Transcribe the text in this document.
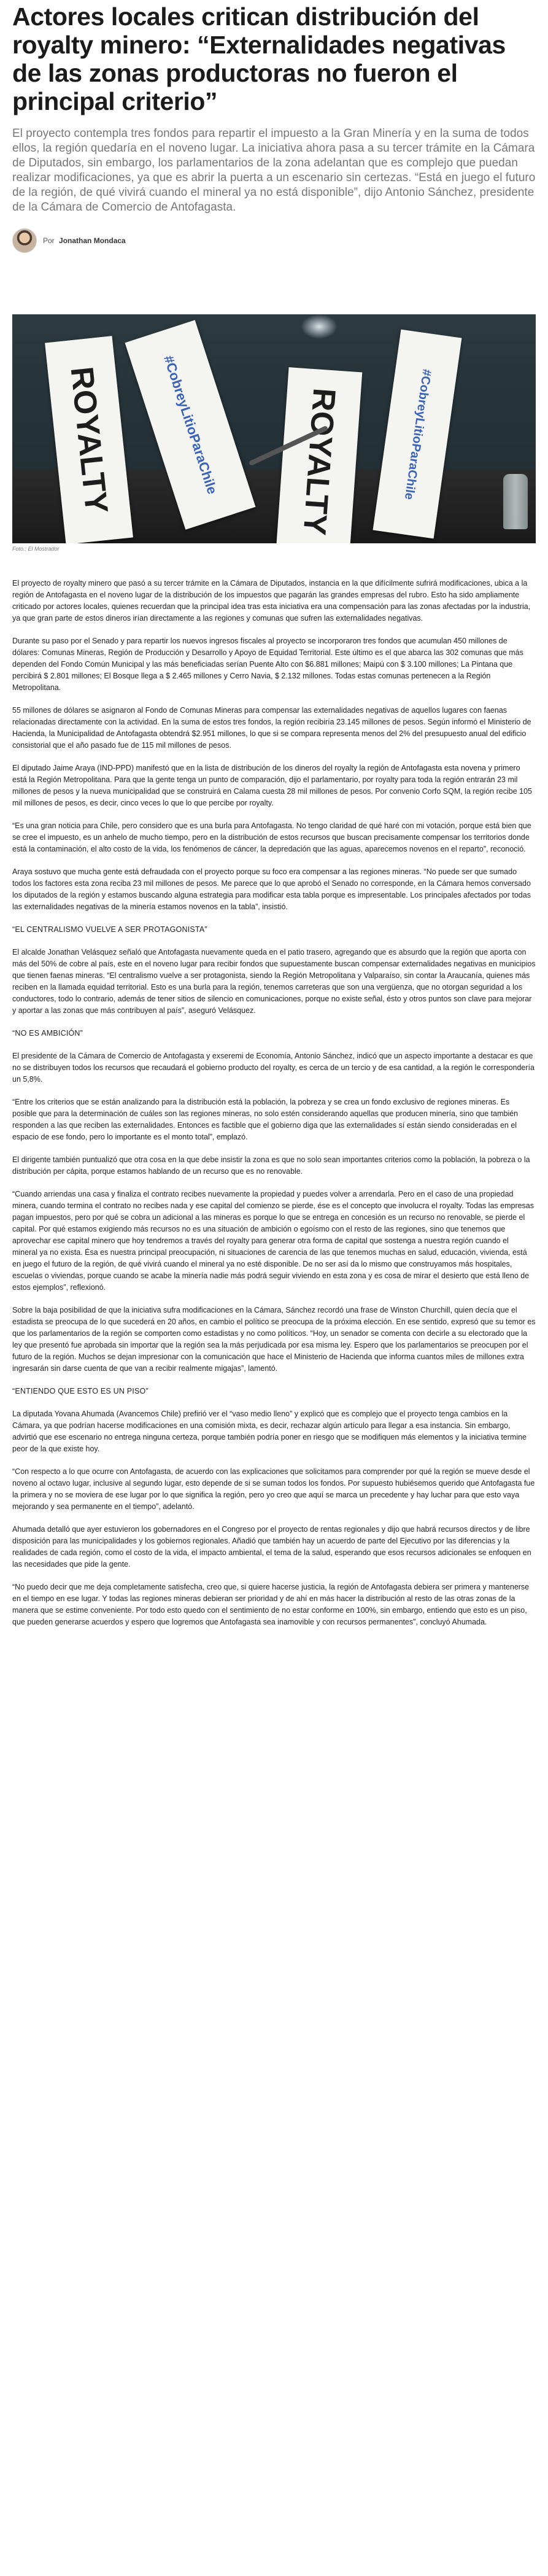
Actores locales critican distribución del royalty minero: “Externalidades negativas de las zonas productoras no fueron el principal criterio”

El proyecto contempla tres fondos para repartir el impuesto a la Gran Minería y en la suma de todos ellos, la región quedaría en el noveno lugar. La iniciativa ahora pasa a su tercer trámite en la Cámara de Diputados, sin embargo, los parlamentarios de la zona adelantan que es complejo que puedan realizar modificaciones, ya que es abrir la puerta a un escenario sin certezas. “Está en juego el futuro de la región, de qué vivirá cuando el mineral ya no está disponible”, dijo Antonio Sánchez, presidente de la Cámara de Comercio de Antofagasta.

Por Jonathan Mondaca
ROYALTY	#CobreyLitioParaChile ROYALTY	#CobreyLitioParaChile
Foto.: El Mostrador

El proyecto de royalty minero que pasó a su tercer trámite en la Cámara de Diputados, instancia en la que difícilmente sufrirá modificaciones, ubica a la región de Antofagasta en el noveno lugar de la distribución de los impuestos que pagarán las grandes empresas del rubro. Esto ha sido ampliamente criticado por actores locales, quienes recuerdan que la principal idea tras esta iniciativa era una compensación para las zonas afectadas por la industria, ya que gran parte de estos dineros irían directamente a las regiones y comunas que sufren las externalidades negativas.

Durante su paso por el Senado y para repartir los nuevos ingresos fiscales al proyecto se incorporaron tres fondos que acumulan 450 millones de dólares: Comunas Mineras, Región de Producción y Desarrollo y Apoyo de Equidad Territorial. Este último es el que abarca las 302 comunas que más dependen del Fondo Común Municipal y las más beneficiadas serían Puente Alto con $6.881 millones; Maipú con $ 3.100 millones; La Pintana que percibirá $ 2.801 millones; El Bosque llega a $ 2.465 millones y Cerro Navia, $ 2.132 millones. Todas estas comunas pertenecen a la Región Metropolitana.

55 millones de dólares se asignaron al Fondo de Comunas Mineras para compensar las externalidades negativas de aquellos lugares con faenas relacionadas directamente con la actividad. En la suma de estos tres fondos, la región recibiría 23.145 millones de pesos. Según informó el Ministerio de Hacienda, la Municipalidad de Antofagasta obtendrá $2.951 millones, lo que si se compara representa menos del 2% del presupuesto anual del edificio consistorial que el año pasado fue de 115 mil millones de pesos.

El diputado Jaime Araya (IND-PPD) manifestó que en la lista de distribución de los dineros del royalty la región de Antofagasta esta novena y primero está la Región Metropolitana. Para que la gente tenga un punto de comparación, dijo el parlamentario, por royalty para toda la región entrarán 23 mil millones de pesos y la nueva municipalidad que se construirá en Calama cuesta 28 mil millones de pesos. Por convenio Corfo SQM, la región recibe 105 mil millones de pesos, es decir, cinco veces lo que lo que percibe por royalty.

“Es una gran noticia para Chile, pero considero que es una burla para Antofagasta. No tengo claridad de qué haré con mi votación, porque está bien que se cree el impuesto, es un anhelo de mucho tiempo, pero en la distribución de estos recursos que buscan precisamente compensar los territorios donde está la contaminación, el alto costo de la vida, los fenómenos de cáncer, la depredación que las aguas, aparecemos novenos en el reparto”, reconoció.

Araya sostuvo que mucha gente está defraudada con el proyecto porque su foco era compensar a las regiones mineras. “No puede ser que sumado todos los factores esta zona reciba 23 mil millones de pesos. Me parece que lo que aprobó el Senado no corresponde, en la Cámara hemos conversado los diputados de la región y estamos buscando alguna estrategia para modificar esta tabla porque es impresentable. Los principales afectados por todas las externalidades negativas de la minería estamos novenos en la tabla”, insistió.

“EL CENTRALISMO VUELVE A SER PROTAGONISTA”

El alcalde Jonathan Velásquez señaló que Antofagasta nuevamente queda en el patio trasero, agregando que es absurdo que la región que aporta con más del 50% de cobre al país, este en el noveno lugar para recibir fondos que supuestamente buscan compensar externalidades negativas en municipios que tienen faenas mineras. “El centralismo vuelve a ser protagonista, siendo la Región Metropolitana y Valparaíso, sin contar la Araucanía, quienes más reciben en la llamada equidad territorial. Esto es una burla para la región, tenemos carreteras que son una vergüenza, que no otorgan seguridad a los conductores, todo lo contrario, además de tener sitios de silencio en comunicaciones, porque no existe señal, ésto y otros puntos son clave para mejorar y aportar a las zonas que más contribuyen al país”, aseguró Velásquez.

“NO ES AMBICIÓN”

El presidente de la Cámara de Comercio de Antofagasta y exseremi de Economía, Antonio Sánchez, indicó que un aspecto importante a destacar es que no se distribuyen todos los recursos que recaudará el gobierno producto del royalty, es cerca de un tercio y de esa cantidad, a la región le correspondería un 5,8%.

“Entre los criterios que se están analizando para la distribución está la población, la pobreza y se crea un fondo exclusivo de regiones mineras. Es posible que para la determinación de cuáles son las regiones mineras, no solo estén considerando aquellas que producen minería, sino que también responden a las que reciben las externalidades. Entonces es factible que el gobierno diga que las externalidades sí están siendo consideradas en el espacio de ese fondo, pero lo importante es el monto total”, emplazó.

El dirigente también puntualizó que otra cosa en la que debe insistir la zona es que no solo sean importantes criterios como la población, la pobreza o la distribución per cápita, porque estamos hablando de un recurso que es no renovable.

“Cuando arriendas una casa y finaliza el contrato recibes nuevamente la propiedad y puedes volver a arrendarla. Pero en el caso de una propiedad minera, cuando termina el contrato no recibes nada y ese capital del comienzo se pierde, ése es el concepto que involucra el royalty. Todas las empresas pagan impuestos, pero por qué se cobra un adicional a las mineras es porque lo que se entrega en concesión es un recurso no renovable, se pierde el capital. Por qué estamos exigiendo más recursos no es una situación de ambición o egoísmo con el resto de las regiones, sino que tenemos que aprovechar ese capital minero que hoy tendremos a través del royalty para generar otra forma de capital que sostenga a nuestra región cuando el mineral ya no exista. Ésa es nuestra principal preocupación, ni situaciones de carencia de las que tenemos muchas en salud, educación, vivienda, está en juego el futuro de la región, de qué vivirá cuando el mineral ya no esté disponible. De no ser así da lo mismo que construyamos más hospitales, escuelas o viviendas, porque cuando se acabe la minería nadie más podrá seguir viviendo en esta zona y es cosa de mirar el desierto que está lleno de estos ejemplos”, reflexionó.

Sobre la baja posibilidad de que la iniciativa sufra modificaciones en la Cámara, Sánchez recordó una frase de Winston Churchill, quien decía que el estadista se preocupa de lo que sucederá en 20 años, en cambio el político se preocupa de la próxima elección. En ese sentido, expresó que su temor es que los parlamentarios de la región se comporten como estadistas y no como políticos. “Hoy, un senador se comenta con decirle a su electorado que la ley que presentó fue aprobada sin importar que la región sea la más perjudicada por esa misma ley. Espero que los parlamentarios se preocupen por el futuro de la región. Muchos se dejan impresionar con la comunicación que hace el Ministerio de Hacienda que informa cuantos miles de millones extra ingresarán sin darse cuenta de que van a recibir realmente migajas”, lamentó.

“ENTIENDO QUE ESTO ES UN PISO”

La diputada Yovana Ahumada (Avancemos Chile) prefirió ver el “vaso medio lleno” y explicó que es complejo que el proyecto tenga cambios en la Cámara, ya que podrían hacerse modificaciones en una comisión mixta, es decir, rechazar algún artículo para llegar a esa instancia. Sin embargo, advirtió que ese escenario no entrega ninguna certeza, porque también podría poner en riesgo que se modifiquen más elementos y la iniciativa termine peor de la que existe hoy.

“Con respecto a lo que ocurre con Antofagasta, de acuerdo con las explicaciones que solicitamos para comprender por qué la región se mueve desde el noveno al octavo lugar, inclusive al segundo lugar, esto depende de si se suman todos los fondos. Por supuesto hubiésemos querido que Antofagasta fue la primera y no se moviera de ese lugar por lo que significa la región, pero yo creo que aquí se marca un precedente y hay luchar para que esto vaya mejorando y sea permanente en el tiempo”, adelantó.

Ahumada detalló que ayer estuvieron los gobernadores en el Congreso por el proyecto de rentas regionales y dijo que habrá recursos directos y de libre disposición para las municipalidades y los gobiernos regionales. Añadió que también hay un acuerdo de parte del Ejecutivo por las diferencias y la realidades de cada región, como el costo de la vida, el impacto ambiental, el tema de la salud, esperando que esos recursos adicionales se enfoquen en las necesidades que pide la gente.

“No puedo decir que me deja completamente satisfecha, creo que, si quiere hacerse justicia, la región de Antofagasta debiera ser primera y mantenerse en el tiempo en ese lugar. Y todas las regiones mineras debieran ser prioridad y de ahí en más hacer la distribución al resto de las otras zonas de la manera que se estime conveniente. Por todo esto quedo con el sentimiento de no estar conforme en 100%, sin embargo, entiendo que esto es un piso, que pueden generarse acuerdos y espero que logremos que Antofagasta sea inamovible y con recursos permanentes”, concluyó Ahumada.
